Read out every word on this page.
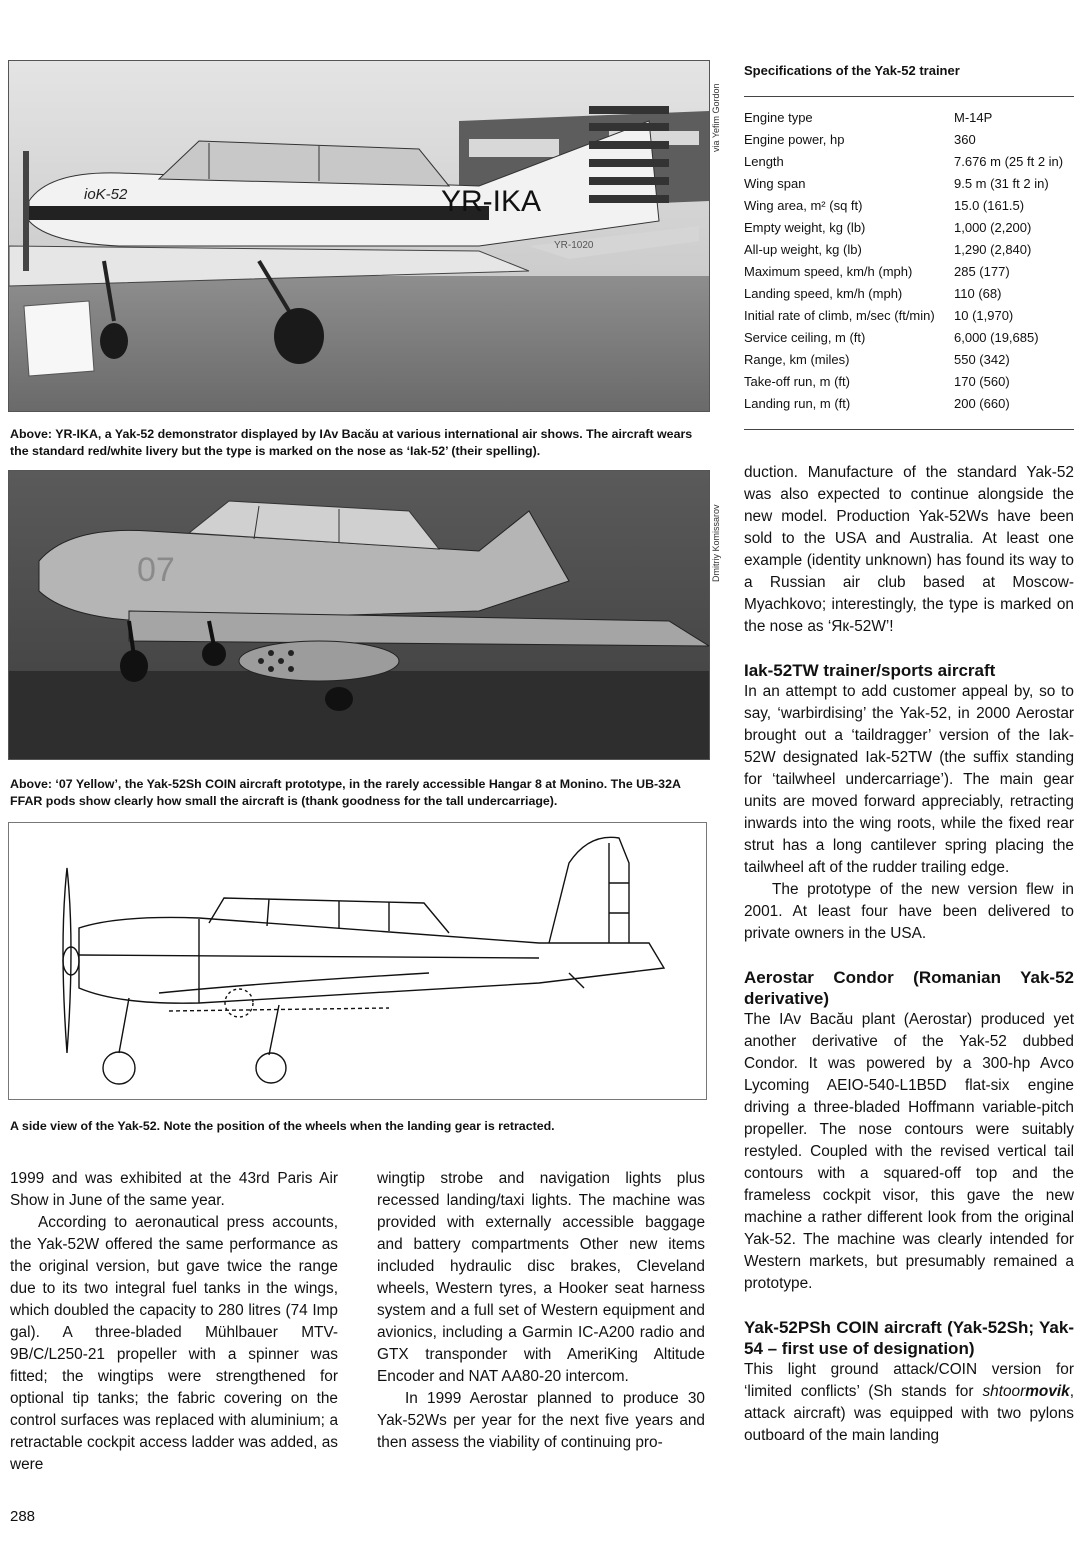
YR-1020
YR-IKA
ioK-52
via Yefim Gordon
Above: YR-IKA, a Yak-52 demonstrator displayed by IAv Bacău at various international air shows. The aircraft wears the standard red/white livery but the type is marked on the nose as ‘Iak-52’ (their spelling).
07	Dmitriy Komissarov
Above: ‘07 Yellow’, the Yak-52Sh COIN aircraft prototype, in the rarely accessible Hangar 8 at Monino. The UB-32A FFAR pods show clearly how small the aircraft is (thank goodness for the tall undercarriage).
A side view of the Yak-52. Note the position of the wheels when the landing gear is retracted.
Specifications of the Yak-52 trainer
Engine type	M-14P
Engine power, hp	360
Length	7.676 m (25 ft 2 in)
Wing span	9.5 m (31 ft 2 in)
Wing area, m² (sq ft)	15.0 (161.5)
Empty weight, kg (lb)	1,000 (2,200)
All-up weight, kg (lb)	1,290 (2,840)
Maximum speed, km/h (mph)	285 (177)
Landing speed, km/h (mph)	110 (68)
Initial rate of climb, m/sec (ft/min)	10 (1,970)
Service ceiling, m (ft)	6,000 (19,685)
Range, km (miles)	550 (342)
Take-off run, m (ft)	170 (560)
Landing run, m (ft)	200 (660)

duction. Manufacture of the standard Yak-52 was also expected to continue alongside the new model. Production Yak-52Ws have been sold to the USA and Australia. At least one example (identity unknown) has found its way to a Russian air club based at Moscow-Myachkovo; interestingly, the type is marked on the nose as ‘Як-52W’!

Iak-52TW trainer/sports aircraft

In an attempt to add customer appeal by, so to say, ‘warbirdising’ the Yak-52, in 2000 Aerostar brought out a ‘taildragger’ version of the Iak-52W designated Iak-52TW (the suffix standing for ‘tailwheel undercarriage’). The main gear units are moved forward appreciably, retracting inwards into the wing roots, while the fixed rear strut has a long cantilever spring placing the tailwheel aft of the rudder trailing edge.

The prototype of the new version flew in 2001. At least four have been delivered to private owners in the USA.

Aerostar Condor (Romanian Yak-52 derivative)

The IAv Bacău plant (Aerostar) produced yet another derivative of the Yak-52 dubbed Condor. It was powered by a 300-hp Avco Lycoming AEIO-540-L1B5D flat-six engine driving a three-bladed Hoffmann variable-pitch propeller. The nose contours were suitably restyled. Coupled with the revised vertical tail contours with a squared-off top and the frameless cockpit visor, this gave the new machine a rather different look from the original Yak-52. The machine was clearly intended for Western markets, but presumably remained a prototype.

Yak-52PSh COIN aircraft (Yak-52Sh; Yak-54 – first use of designation)

This light ground attack/COIN version for ‘limited conflicts’ (Sh stands for shtoormovik, attack aircraft) was equipped with two pylons outboard of the main landing

1999 and was exhibited at the 43rd Paris Air Show in June of the same year.

According to aeronautical press accounts, the Yak-52W offered the same performance as the original version, but gave twice the range due to its two integral fuel tanks in the wings, which doubled the capacity to 280 litres (74 Imp gal). A three-bladed Mühlbauer MTV-9B/C/L250-21 propeller with a spinner was fitted; the wingtips were strengthened for optional tip tanks; the fabric covering on the control surfaces was replaced with aluminium; a retractable cockpit access ladder was added, as were

wingtip strobe and navigation lights plus recessed landing/taxi lights. The machine was provided with externally accessible baggage and battery compartments Other new items included hydraulic disc brakes, Cleveland wheels, Western tyres, a Hooker seat harness system and a full set of Western equipment and avionics, including a Garmin IC-A200 radio and GTX transponder with AmeriKing Altitude Encoder and NAT AA80-20 intercom.

In 1999 Aerostar planned to produce 30 Yak-52Ws per year for the next five years and then assess the viability of continuing pro-

288
